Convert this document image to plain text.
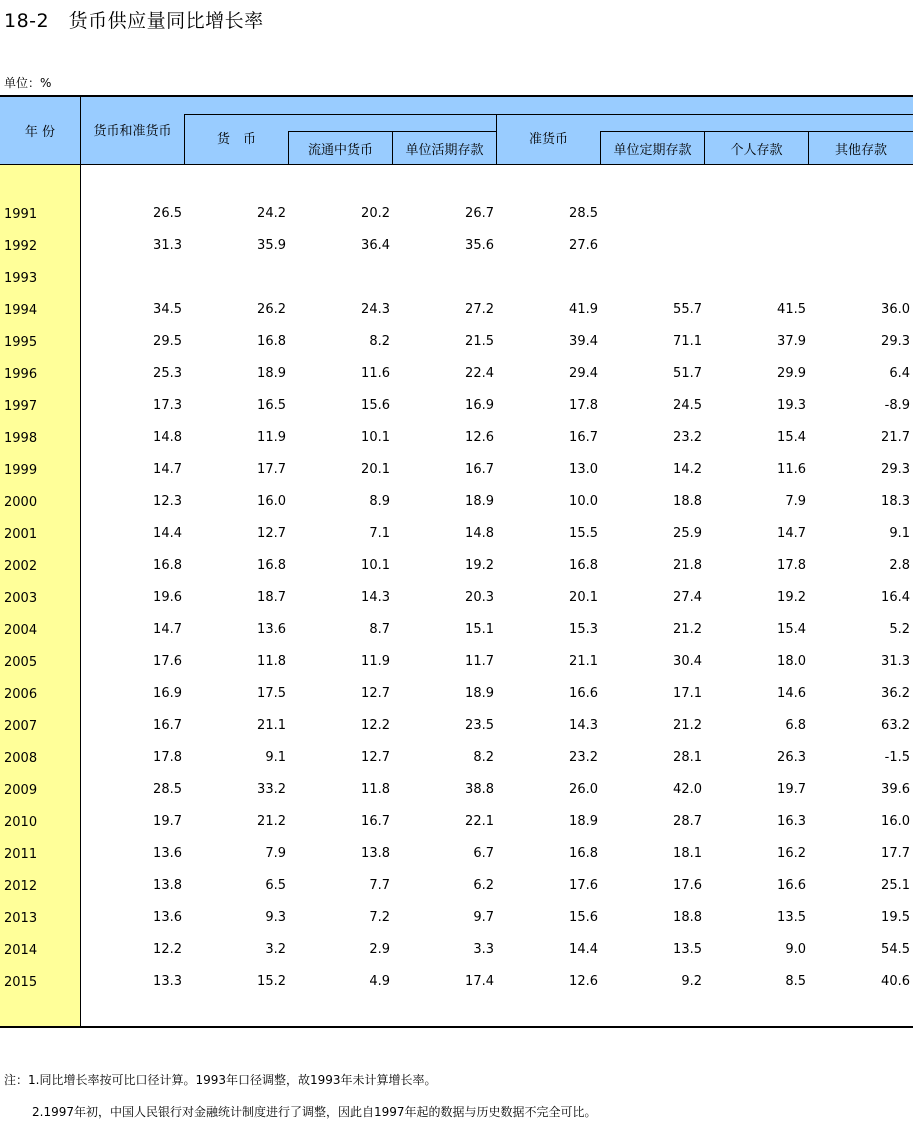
18-2　货币供应量同比增长率
单位：%
年 份	货币和准货币
货　币
流通中货币	单位活期存款
准货币
单位定期存款	个人存款	其他存款
1991	26.5	24.2	20.2	26.7	28.5
1992	31.3	35.9	36.4	35.6	27.6
1993
1994	34.5	26.2	24.3	27.2	41.9	55.7	41.5	36.0
1995	29.5	16.8	8.2	21.5	39.4	71.1	37.9	29.3
1996	25.3	18.9	11.6	22.4	29.4	51.7	29.9	6.4
1997	17.3	16.5	15.6	16.9	17.8	24.5	19.3	-8.9
1998	14.8	11.9	10.1	12.6	16.7	23.2	15.4	21.7
1999	14.7	17.7	20.1	16.7	13.0	14.2	11.6	29.3
2000	12.3	16.0	8.9	18.9	10.0	18.8	7.9	18.3
2001	14.4	12.7	7.1	14.8	15.5	25.9	14.7	9.1
2002	16.8	16.8	10.1	19.2	16.8	21.8	17.8	2.8
2003	19.6	18.7	14.3	20.3	20.1	27.4	19.2	16.4
2004	14.7	13.6	8.7	15.1	15.3	21.2	15.4	5.2
2005	17.6	11.8	11.9	11.7	21.1	30.4	18.0	31.3
2006	16.9	17.5	12.7	18.9	16.6	17.1	14.6	36.2
2007	16.7	21.1	12.2	23.5	14.3	21.2	6.8	63.2
2008	17.8	9.1	12.7	8.2	23.2	28.1	26.3	-1.5
2009	28.5	33.2	11.8	38.8	26.0	42.0	19.7	39.6
2010	19.7	21.2	16.7	22.1	18.9	28.7	16.3	16.0
2011	13.6	7.9	13.8	6.7	16.8	18.1	16.2	17.7
2012	13.8	6.5	7.7	6.2	17.6	17.6	16.6	25.1
2013	13.6	9.3	7.2	9.7	15.6	18.8	13.5	19.5
2014	12.2	3.2	2.9	3.3	14.4	13.5	9.0	54.5
2015	13.3	15.2	4.9	17.4	12.6	9.2	8.5	40.6
注：1.同比增长率按可比口径计算。1993年口径调整，故1993年未计算增长率。
2.1997年初，中国人民银行对金融统计制度进行了调整，因此自1997年起的数据与历史数据不完全可比。
